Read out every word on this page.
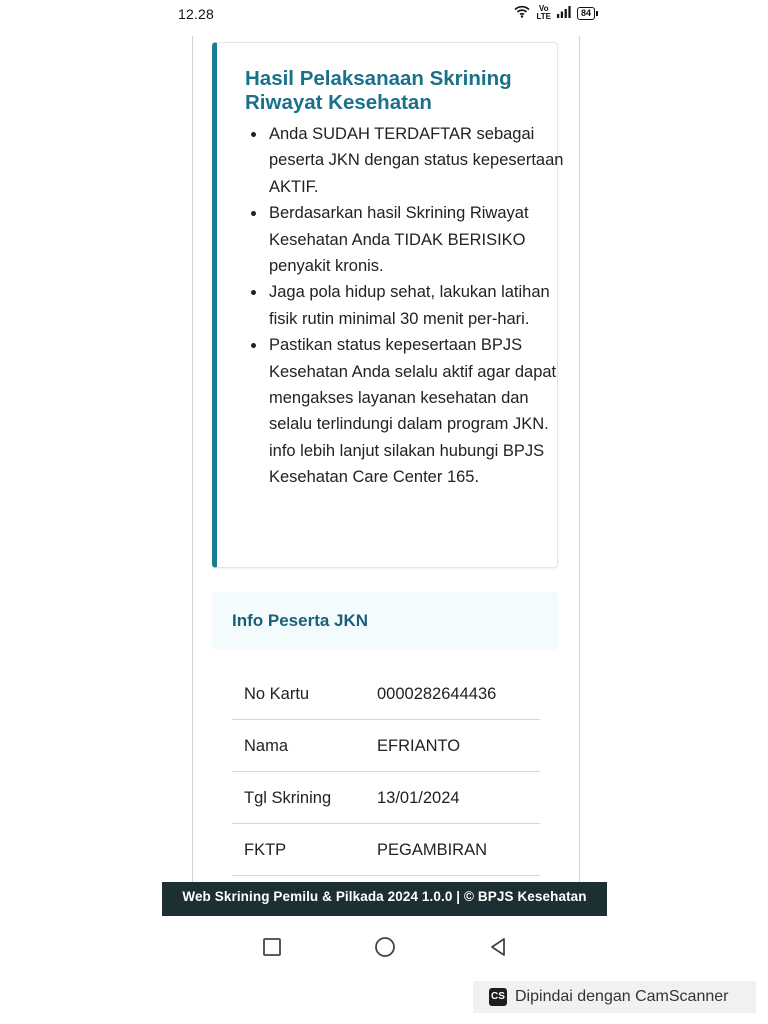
12.28	Vo
LTE	84
Hasil Pelaksanaan Skrining Riwayat Kesehatan
• Anda SUDAH TERDAFTAR sebagai peserta JKN dengan status kepesertaan AKTIF.
• Berdasarkan hasil Skrining Riwayat Kesehatan Anda TIDAK BERISIKO penyakit kronis.
• Jaga pola hidup sehat, lakukan latihan fisik rutin minimal 30 menit per-hari.
• Pastikan status kepesertaan BPJS Kesehatan Anda selalu aktif agar dapat mengakses layanan kesehatan dan selalu terlindungi dalam program JKN. info lebih lanjut silakan hubungi BPJS Kesehatan Care Center 165.
Info Peserta JKN
No Kartu	0000282644436
Nama	EFRIANTO
Tgl Skrining	13/01/2024
FKTP	PEGAMBIRAN
Web Skrining Pemilu & Pilkada 2024 1.0.0 | © BPJS Kesehatan
CS Dipindai dengan CamScanner
